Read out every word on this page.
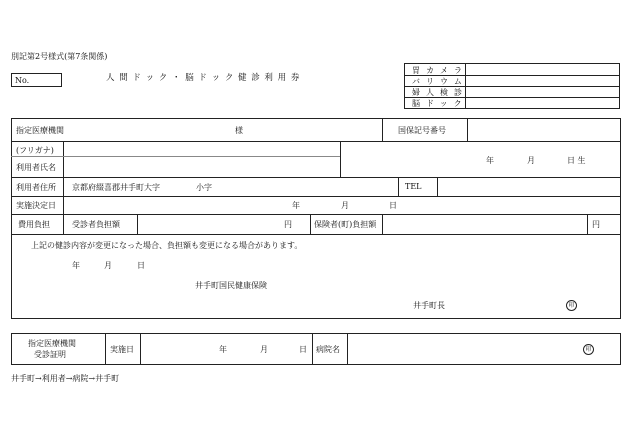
別記第2号様式(第7条関係)
No.	人 間 ド ッ ク ・ 脳 ド ッ ク 健 診 利 用 券
胃カメラ
バリウム
婦人検診
脳ドック
指定医療機関	様	国保記号番号
(フリガナ)
利用者氏名
年	月	日 生
利用者住所 京都府綴喜郡井手町大字	小字	TEL
実施決定日	年	月	日
費用負担	受診者負担額	円	保険者(町)負担額	円
上記の健診内容が変更になった場合、負担額も変更になる場合があります。
年	月	日
井手町国民健康保険
井手町長	印
指定医療機関
受診証明
実施日	年	月	日 病院名	印
井手町→利用者→病院→井手町
